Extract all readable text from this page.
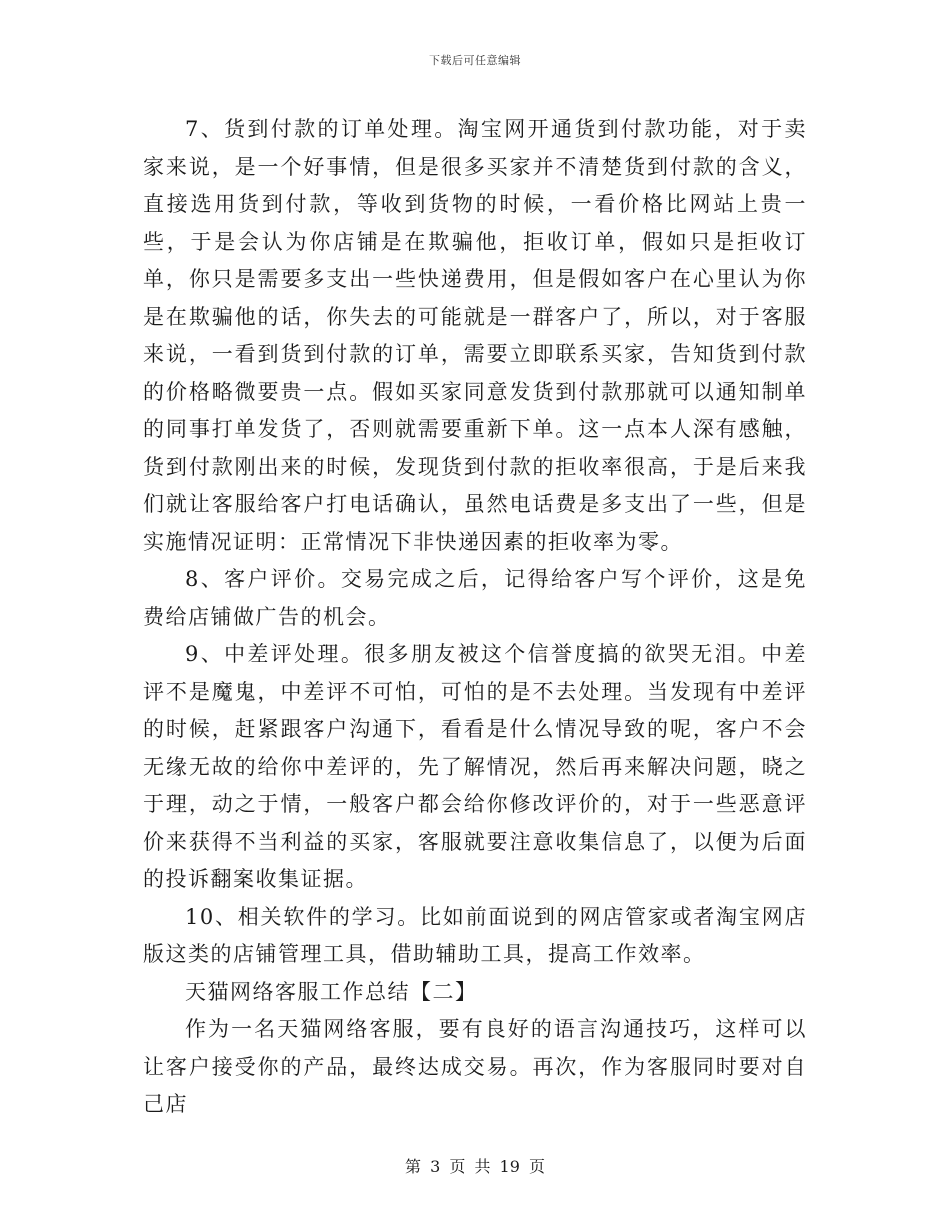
下载后可任意编辑

7、货到付款的订单处理。淘宝网开通货到付款功能，对于卖家来说，是一个好事情，但是很多买家并不清楚货到付款的含义，直接选用货到付款，等收到货物的时候，一看价格比网站上贵一些，于是会认为你店铺是在欺骗他，拒收订单，假如只是拒收订单，你只是需要多支出一些快递费用，但是假如客户在心里认为你是在欺骗他的话，你失去的可能就是一群客户了，所以，对于客服来说，一看到货到付款的订单，需要立即联系买家，告知货到付款的价格略微要贵一点。假如买家同意发货到付款那就可以通知制单的同事打单发货了，否则就需要重新下单。这一点本人深有感触，货到付款刚出来的时候，发现货到付款的拒收率很高，于是后来我们就让客服给客户打电话确认，虽然电话费是多支出了一些，但是实施情况证明：正常情况下非快递因素的拒收率为零。

8、客户评价。交易完成之后，记得给客户写个评价，这是免费给店铺做广告的机会。

9、中差评处理。很多朋友被这个信誉度搞的欲哭无泪。中差评不是魔鬼，中差评不可怕，可怕的是不去处理。当发现有中差评的时候，赶紧跟客户沟通下，看看是什么情况导致的呢，客户不会无缘无故的给你中差评的，先了解情况，然后再来解决问题，晓之于理，动之于情，一般客户都会给你修改评价的，对于一些恶意评价来获得不当利益的买家，客服就要注意收集信息了，以便为后面的投诉翻案收集证据。

10、相关软件的学习。比如前面说到的网店管家或者淘宝网店版这类的店铺管理工具，借助辅助工具，提高工作效率。

天猫网络客服工作总结【二】

作为一名天猫网络客服，要有良好的语言沟通技巧，这样可以让客户接受你的产品，最终达成交易。再次，作为客服同时要对自己店

第 3 页 共 19 页
